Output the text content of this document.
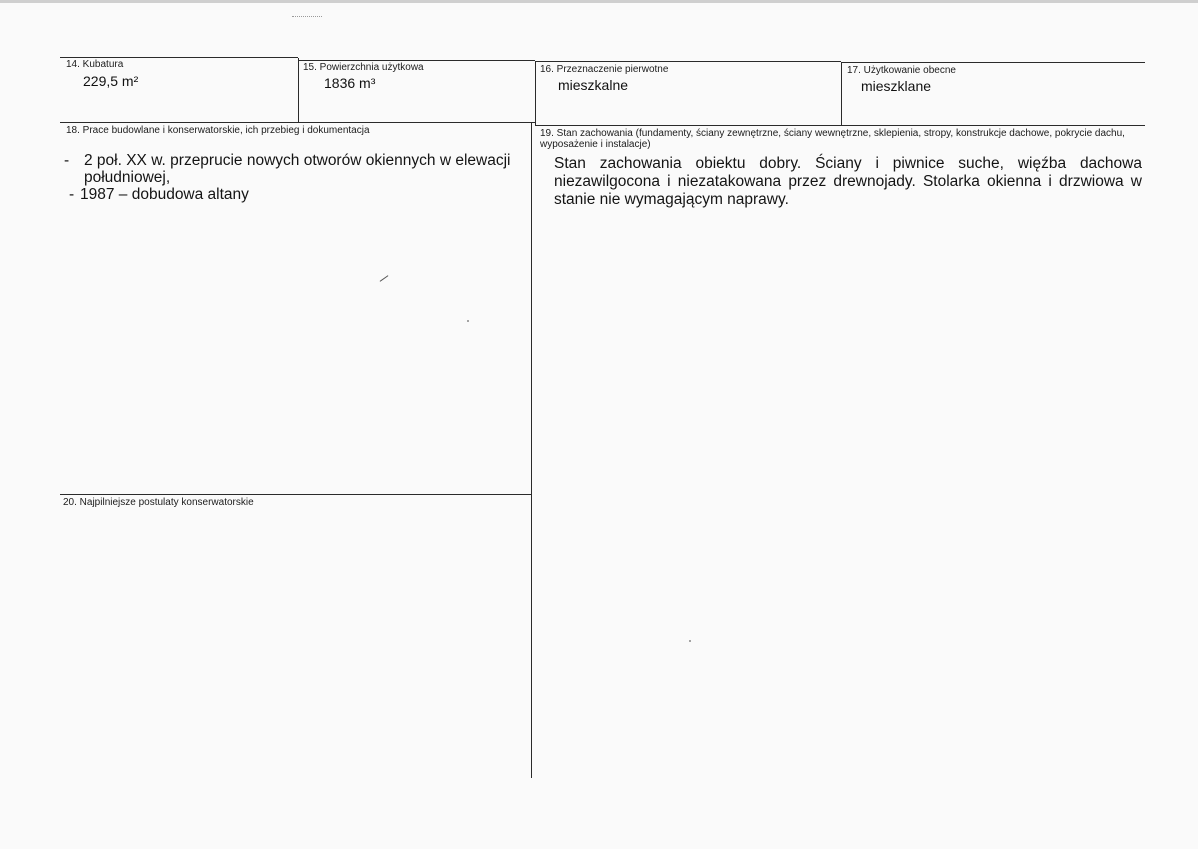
14. Kubatura
229,5 m²
15. Powierzchnia użytkowa
1836 m³
16. Przeznaczenie pierwotne
mieszkalne
17. Użytkowanie obecne
mieszklane
18. Prace budowlane i konserwatorskie, ich przebieg i dokumentacja
- 2 poł. XX w. przeprucie nowych otworów okiennych w elewacji południowej,
- 1987 – dobudowa altany
19. Stan zachowania (fundamenty, ściany zewnętrzne, ściany wewnętrzne, sklepienia, stropy, konstrukcje dachowe, pokrycie dachu, wyposażenie i instalacje)
Stan zachowania obiektu dobry. Ściany i piwnice suche, więźba dachowa niezawilgocona i niezatakowana przez drewnojady. Stolarka okienna i drzwiowa w stanie nie wymagającym naprawy.
20. Najpilniejsze postulaty konserwatorskie
